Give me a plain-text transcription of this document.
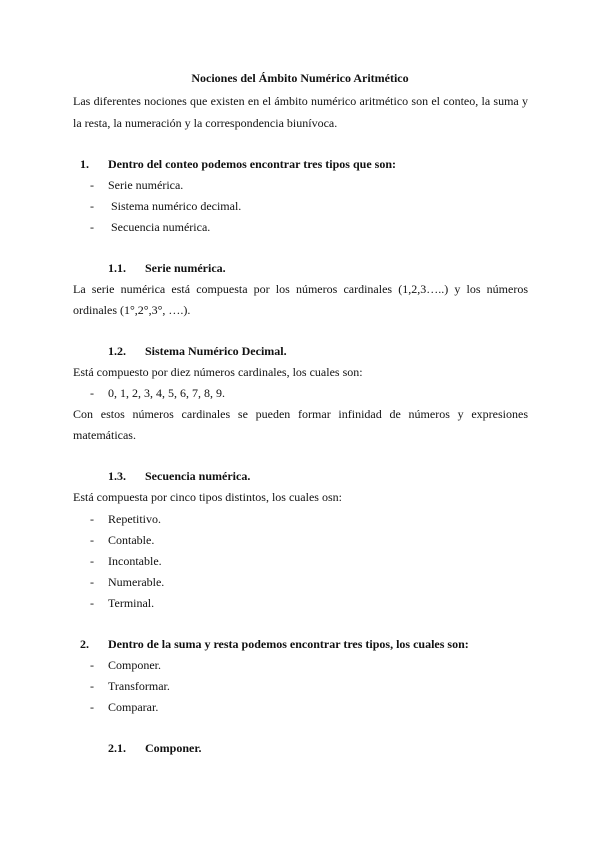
Nociones del Ámbito Numérico Aritmético
Las diferentes nociones que existen en el ámbito numérico aritmético son el conteo, la suma y
la resta, la numeración y la correspondencia biunívoca.
1. Dentro del conteo podemos encontrar tres tipos que son:
- Serie numérica.
- Sistema numérico decimal.
- Secuencia numérica.
1.1. Serie numérica.
La serie numérica está compuesta por los números cardinales (1,2,3…..) y los números
ordinales (1°,2°,3°, ….).
1.2. Sistema Numérico Decimal.
Está compuesto por diez números cardinales, los cuales son:
- 0, 1, 2, 3, 4, 5, 6, 7, 8, 9.
Con estos números cardinales se pueden formar infinidad de números y expresiones
matemáticas.
1.3. Secuencia numérica.
Está compuesta por cinco tipos distintos, los cuales osn:
- Repetitivo.
- Contable.
- Incontable.
- Numerable.
- Terminal.
2. Dentro de la suma y resta podemos encontrar tres tipos, los cuales son:
- Componer.
- Transformar.
- Comparar.
2.1. Componer.
